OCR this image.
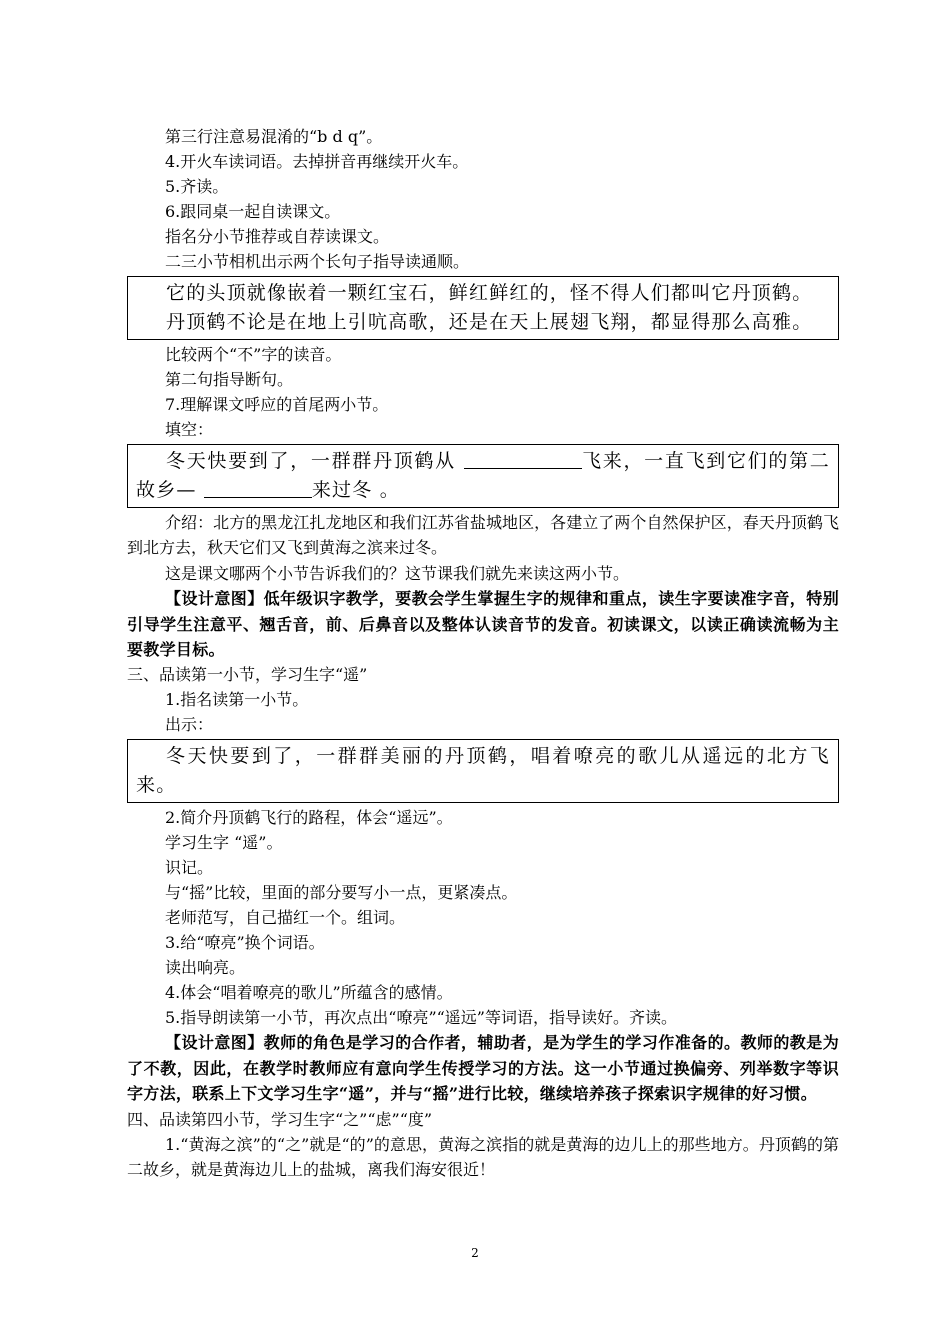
第三行注意易混淆的“b d q”。
4.开火车读词语。去掉拼音再继续开火车。
5.齐读。
6.跟同桌一起自读课文。
指名分小节推荐或自荐读课文。
二三小节相机出示两个长句子指导读通顺。

它的头顶就像嵌着一颗红宝石，鲜红鲜红的，怪不得人们都叫它丹顶鹤。

丹顶鹤不论是在地上引吭高歌，还是在天上展翅飞翔，都显得那么高雅。

比较两个“不”字的读音。
第二句指导断句。
7.理解课文呼应的首尾两小节。
填空：

冬天快要到了，一群群丹顶鹤从	飞来，一直飞到它们的第二故乡—	来过冬 。

介绍：北方的黑龙江扎龙地区和我们江苏省盐城地区，各建立了两个自然保护区，春天丹顶鹤飞到北方去，秋天它们又飞到黄海之滨来过冬。

这是课文哪两个小节告诉我们的？这节课我们就先来读这两小节。

【设计意图】低年级识字教学，要教会学生掌握生字的规律和重点，读生字要读准字音，特别引导学生注意平、翘舌音，前、后鼻音以及整体认读音节的发音。初读课文，以读正确读流畅为主要教学目标。

三、品读第一小节，学习生字“遥”
1.指名读第一小节。
出示：

冬天快要到了，一群群美丽的丹顶鹤，唱着嘹亮的歌儿从遥远的北方飞来。

2.简介丹顶鹤飞行的路程，体会“遥远”。
学习生字 “遥”。
识记。
与“摇”比较，里面的部分要写小一点，更紧凑点。
老师范写，自己描红一个。组词。
3.给“嘹亮”换个词语。
读出响亮。
4.体会“唱着嘹亮的歌儿”所蕴含的感情。
5.指导朗读第一小节，再次点出“嘹亮”“遥远”等词语，指导读好。齐读。

【设计意图】教师的角色是学习的合作者，辅助者，是为学生的学习作准备的。教师的教是为了不教，因此，在教学时教师应有意向学生传授学习的方法。这一小节通过换偏旁、列举数字等识字方法，联系上下文学习生字“遥”，并与“摇”进行比较，继续培养孩子探索识字规律的好习惯。

四、品读第四小节，学习生字“之”“虑”“度”

1.“黄海之滨”的“之”就是“的”的意思，黄海之滨指的就是黄海的边儿上的那些地方。丹顶鹤的第二故乡，就是黄海边儿上的盐城，离我们海安很近！

2
